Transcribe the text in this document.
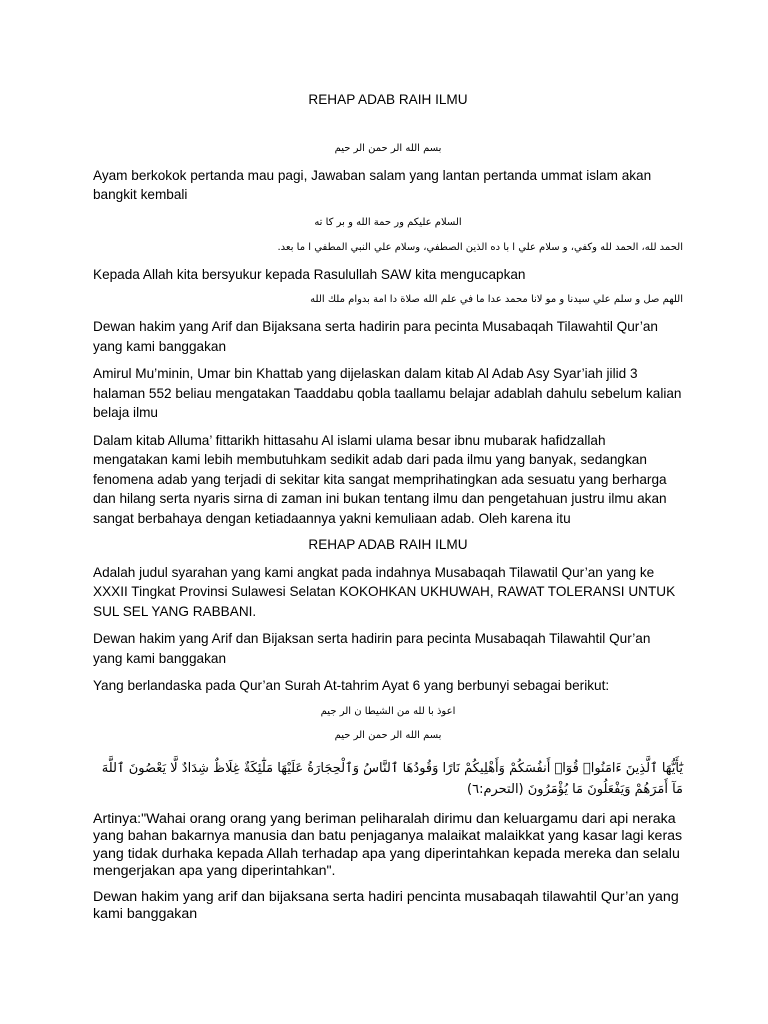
REHAP ADAB RAIH ILMU

بسم الله الر حمن الر حيم

Ayam berkokok pertanda mau pagi, Jawaban salam yang lantan pertanda ummat islam akan bangkit kembali

السلام عليكم ور حمة الله و بر كا ته

الحمد لله، الحمد لله وكفي، و سلام علي ا با ده الذين الصطفي، وسلام علي النبي المطفي ا ما بعد.

Kepada Allah kita bersyukur kepada Rasulullah SAW kita mengucapkan

اللهم صل و سلم علي سيدنا و مو لانا محمد عدا ما في علم الله صلاة دا امة بدوام ملك الله

Dewan hakim yang Arif dan Bijaksana serta hadirin para pecinta Musabaqah Tilawahtil Qur’an yang kami banggakan

Amirul Mu’minin, Umar bin Khattab yang dijelaskan dalam kitab Al Adab Asy Syar’iah jilid 3 halaman 552 beliau mengatakan Taaddabu qobla taallamu belajar adablah dahulu sebelum kalian belaja ilmu

Dalam kitab Alluma’ fittarikh hittasahu Al islami ulama besar ibnu mubarak hafidzallah mengatakan kami lebih membutuhkam sedikit adab dari pada ilmu yang banyak, sedangkan fenomena adab yang terjadi di sekitar kita sangat memprihatingkan ada sesuatu yang berharga dan hilang serta nyaris sirna di zaman ini bukan tentang ilmu dan pengetahuan justru ilmu akan sangat berbahaya dengan ketiadaannya yakni kemuliaan adab. Oleh karena itu

REHAP ADAB RAIH ILMU

Adalah judul syarahan yang kami angkat pada indahnya Musabaqah Tilawatil Qur’an yang ke XXXII Tingkat Provinsi Sulawesi Selatan KOKOHKAN UKHUWAH, RAWAT TOLERANSI UNTUK SUL SEL YANG RABBANI.

Dewan hakim yang Arif dan Bijaksan serta hadirin para pecinta Musabaqah Tilawahtil Qur’an yang kami banggakan

Yang berlandaska pada Qur’an Surah At-tahrim Ayat 6 yang berbunyi sebagai berikut:

اعوذ با لله من الشيطا ن الر جيم

بسم الله الر حمن الر حيم

يَٰٓأَيُّهَا ٱلَّذِينَ ءَامَنُوا۟ قُوٓا۟ أَنفُسَكُمْ وَأَهْلِيكُمْ نَارًا وَقُودُهَا ٱلنَّاسُ وَٱلْحِجَارَةُ عَلَيْهَا مَلَٰٓئِكَةٌ غِلَاظٌ شِدَادٌ لَّا يَعْصُونَ ٱللَّهَ مَآ أَمَرَهُمْ وَيَفْعَلُونَ مَا يُؤْمَرُونَ (التحرم:٦)

Artinya:"Wahai orang orang yang beriman peliharalah dirimu dan keluargamu dari api neraka yang bahan bakarnya manusia dan batu penjaganya malaikat malaikkat yang kasar lagi keras yang tidak durhaka kepada Allah terhadap apa yang diperintahkan kepada mereka dan selalu mengerjakan apa yang diperintahkan".

Dewan hakim yang arif dan bijaksana serta hadiri pencinta musabaqah tilawahtil Qur’an yang kami banggakan
